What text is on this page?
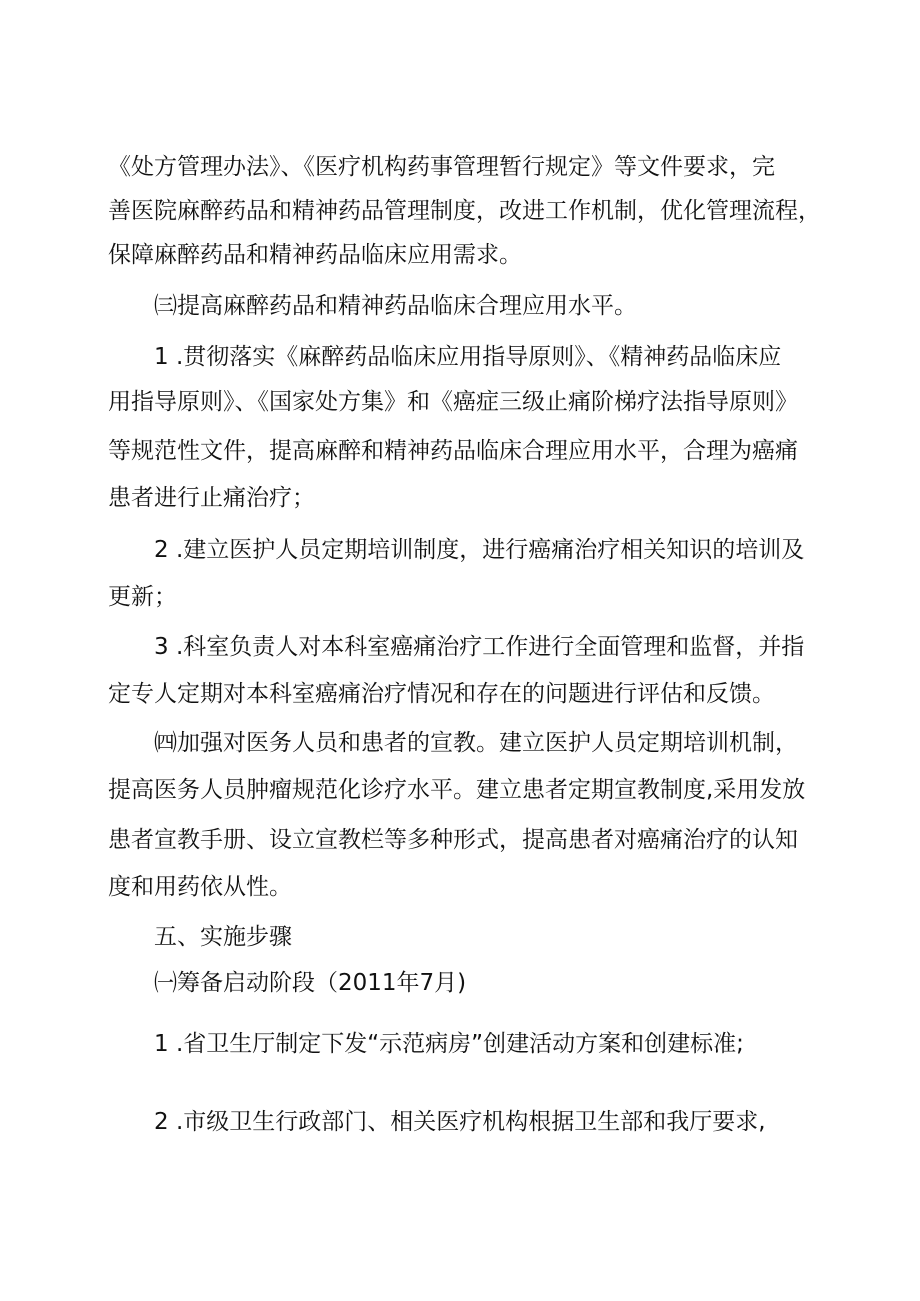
《处方管理办法》、《医疗机构药事管理暂行规定》等文件要求，完
善医院麻醉药品和精神药品管理制度，改进工作机制，优化管理流程，
保障麻醉药品和精神药品临床应用需求。
㈢提高麻醉药品和精神药品临床合理应用水平。
1 .贯彻落实《麻醉药品临床应用指导原则》、《精神药品临床应
用指导原则》、《国家处方集》和《癌症三级止痛阶梯疗法指导原则》
等规范性文件，提高麻醉和精神药品临床合理应用水平，合理为癌痛
患者进行止痛治疗；
2 .建立医护人员定期培训制度，进行癌痛治疗相关知识的培训及
更新；
3 .科室负责人对本科室癌痛治疗工作进行全面管理和监督，并指
定专人定期对本科室癌痛治疗情况和存在的问题进行评估和反馈。
㈣加强对医务人员和患者的宣教。建立医护人员定期培训机制，
提高医务人员肿瘤规范化诊疗水平。建立患者定期宣教制度,采用发放
患者宣教手册、设立宣教栏等多种形式，提高患者对癌痛治疗的认知
度和用药依从性。
五、实施步骤
㈠筹备启动阶段（2011年7月)
1 .省卫生厅制定下发“示范病房”创建活动方案和创建标准;
2 .市级卫生行政部门、相关医疗机构根据卫生部和我厅要求,
